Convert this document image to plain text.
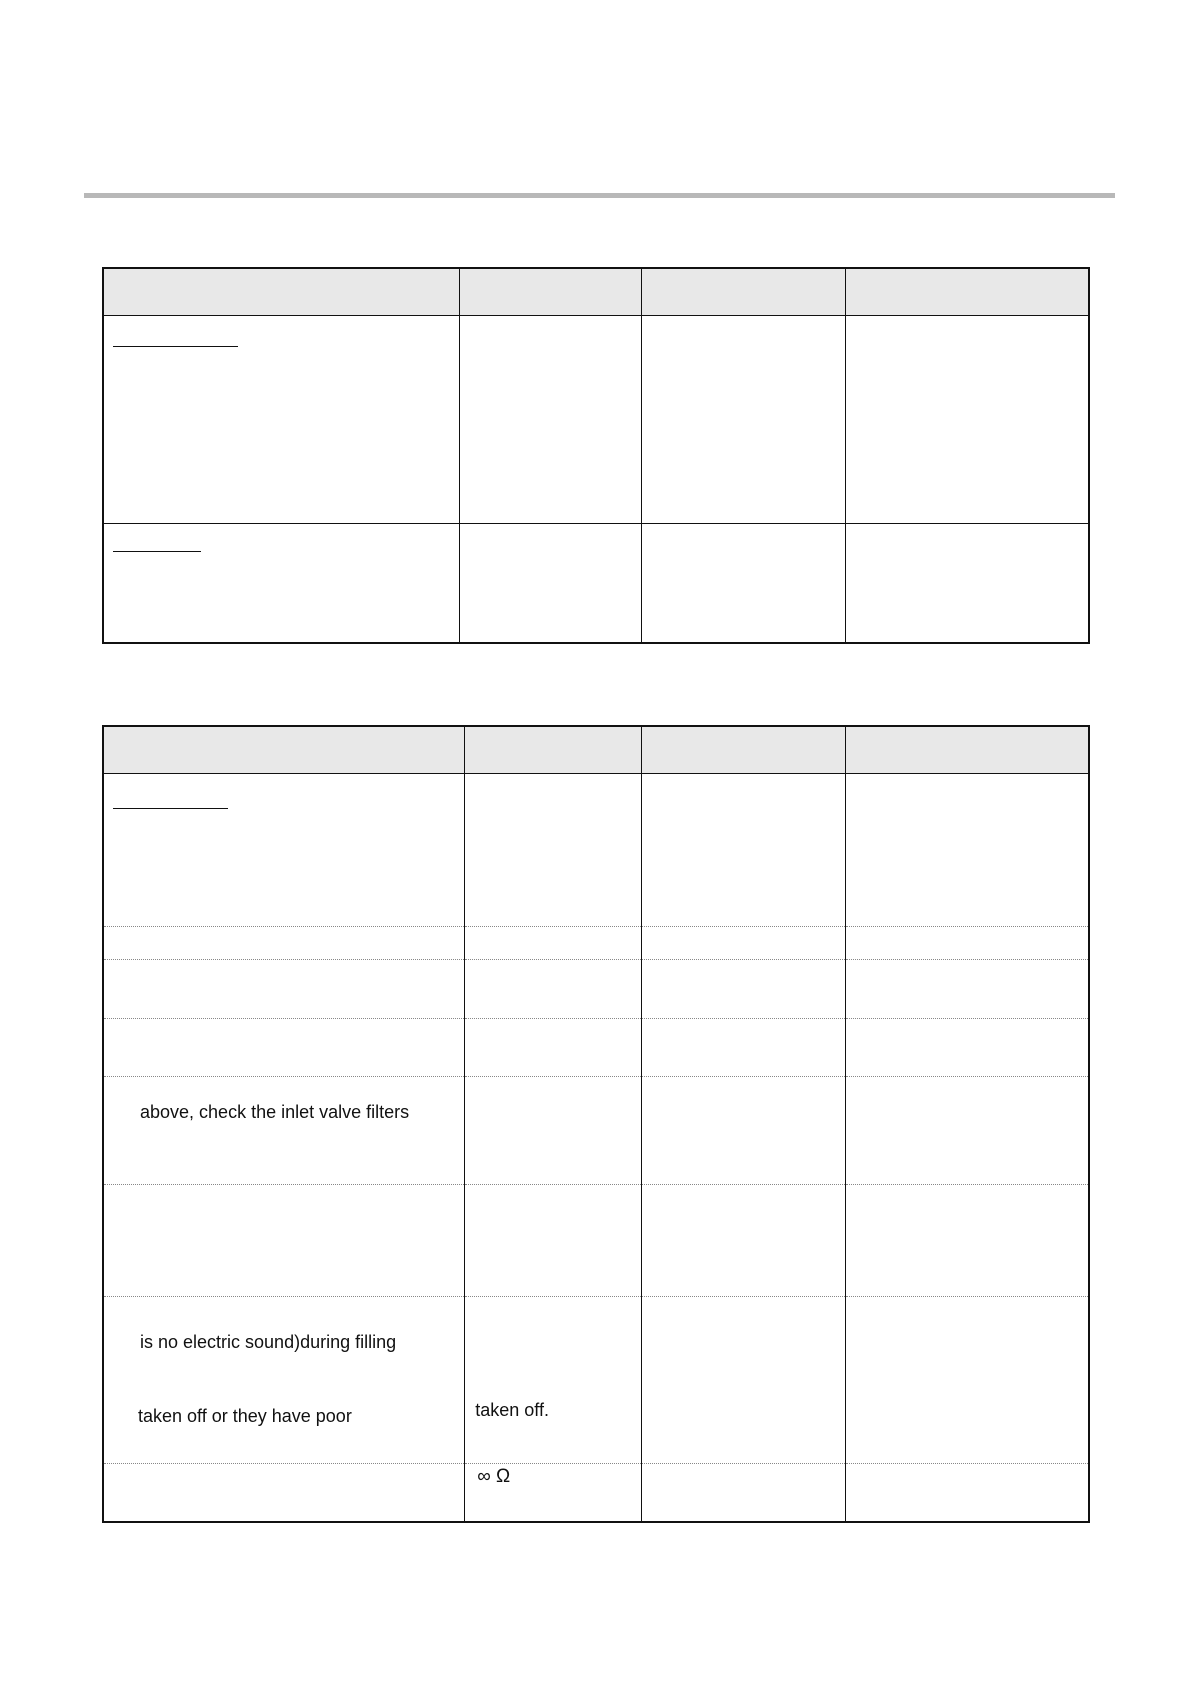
above, check the inlet valve filters			

is no electric sound)during filling
taken off or they have poor	taken off.		

	∞ Ω		
